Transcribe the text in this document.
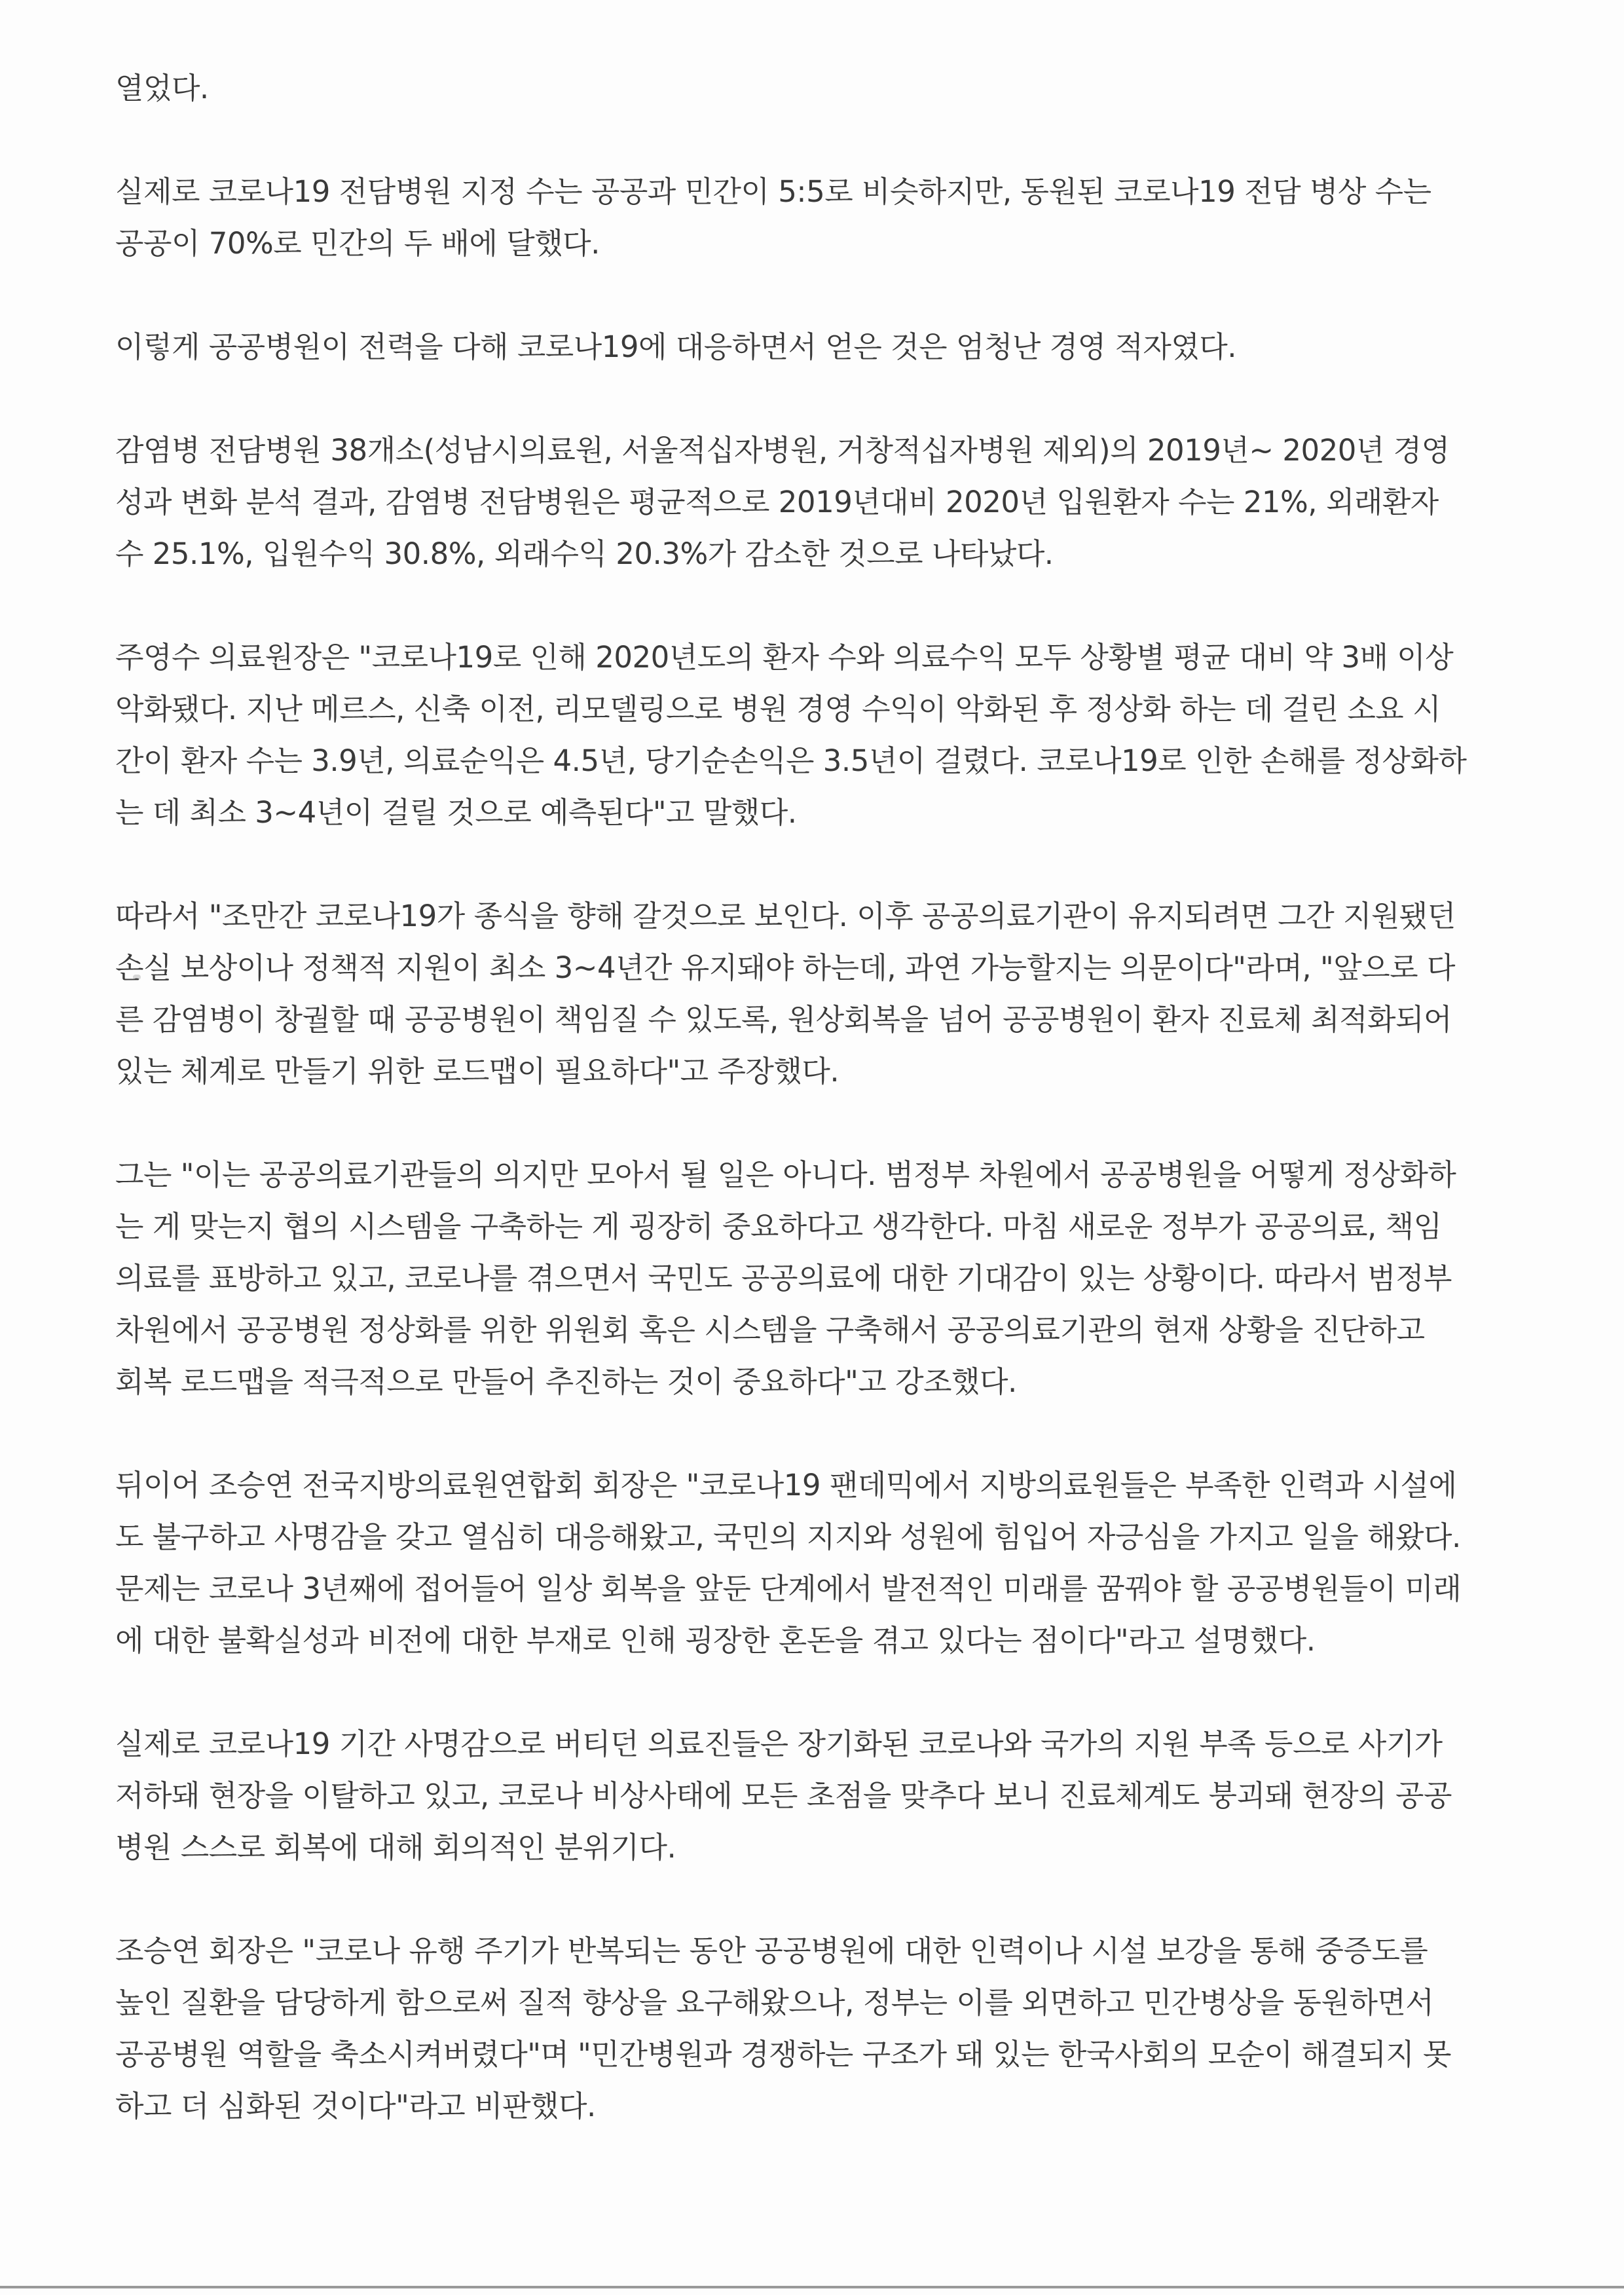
열었다.

실제로 코로나19 전담병원 지정 수는 공공과 민간이 5:5로 비슷하지만, 동원된 코로나19 전담 병상 수는
공공이 70%로 민간의 두 배에 달했다.

이렇게 공공병원이 전력을 다해 코로나19에 대응하면서 얻은 것은 엄청난 경영 적자였다.

감염병 전담병원 38개소(성남시의료원, 서울적십자병원, 거창적십자병원 제외)의 2019년~ 2020년 경영
성과 변화 분석 결과, 감염병 전담병원은 평균적으로 2019년대비 2020년 입원환자 수는 21%, 외래환자
수 25.1%, 입원수익 30.8%, 외래수익 20.3%가 감소한 것으로 나타났다.

주영수 의료원장은 "코로나19로 인해 2020년도의 환자 수와 의료수익 모두 상황별 평균 대비 약 3배 이상
악화됐다. 지난 메르스, 신축 이전, 리모델링으로 병원 경영 수익이 악화된 후 정상화 하는 데 걸린 소요 시
간이 환자 수는 3.9년, 의료순익은 4.5년, 당기순손익은 3.5년이 걸렸다. 코로나19로 인한 손해를 정상화하
는 데 최소 3~4년이 걸릴 것으로 예측된다"고 말했다.

따라서 "조만간 코로나19가 종식을 향해 갈것으로 보인다. 이후 공공의료기관이 유지되려면 그간 지원됐던
손실 보상이나 정책적 지원이 최소 3~4년간 유지돼야 하는데, 과연 가능할지는 의문이다"라며, "앞으로 다
른 감염병이 창궐할 때 공공병원이 책임질 수 있도록, 원상회복을 넘어 공공병원이 환자 진료체 최적화되어
있는 체계로 만들기 위한 로드맵이 필요하다"고 주장했다.

그는 "이는 공공의료기관들의 의지만 모아서 될 일은 아니다. 범정부 차원에서 공공병원을 어떻게 정상화하
는 게 맞는지 협의 시스템을 구축하는 게 굉장히 중요하다고 생각한다. 마침 새로운 정부가 공공의료, 책임
의료를 표방하고 있고, 코로나를 겪으면서 국민도 공공의료에 대한 기대감이 있는 상황이다. 따라서 범정부
차원에서 공공병원 정상화를 위한 위원회 혹은 시스템을 구축해서 공공의료기관의 현재 상황을 진단하고
회복 로드맵을 적극적으로 만들어 추진하는 것이 중요하다"고 강조했다.

뒤이어 조승연 전국지방의료원연합회 회장은 "코로나19 팬데믹에서 지방의료원들은 부족한 인력과 시설에
도 불구하고 사명감을 갖고 열심히 대응해왔고, 국민의 지지와 성원에 힘입어 자긍심을 가지고 일을 해왔다.
문제는 코로나 3년째에 접어들어 일상 회복을 앞둔 단계에서 발전적인 미래를 꿈꿔야 할 공공병원들이 미래
에 대한 불확실성과 비전에 대한 부재로 인해 굉장한 혼돈을 겪고 있다는 점이다"라고 설명했다.

실제로 코로나19 기간 사명감으로 버티던 의료진들은 장기화된 코로나와 국가의 지원 부족 등으로 사기가
저하돼 현장을 이탈하고 있고, 코로나 비상사태에 모든 초점을 맞추다 보니 진료체계도 붕괴돼 현장의 공공
병원 스스로 회복에 대해 회의적인 분위기다.

조승연 회장은 "코로나 유행 주기가 반복되는 동안 공공병원에 대한 인력이나 시설 보강을 통해 중증도를
높인 질환을 담당하게 함으로써 질적 향상을 요구해왔으나, 정부는 이를 외면하고 민간병상을 동원하면서
공공병원 역할을 축소시켜버렸다"며 "민간병원과 경쟁하는 구조가 돼 있는 한국사회의 모순이 해결되지 못
하고 더 심화된 것이다"라고 비판했다.
